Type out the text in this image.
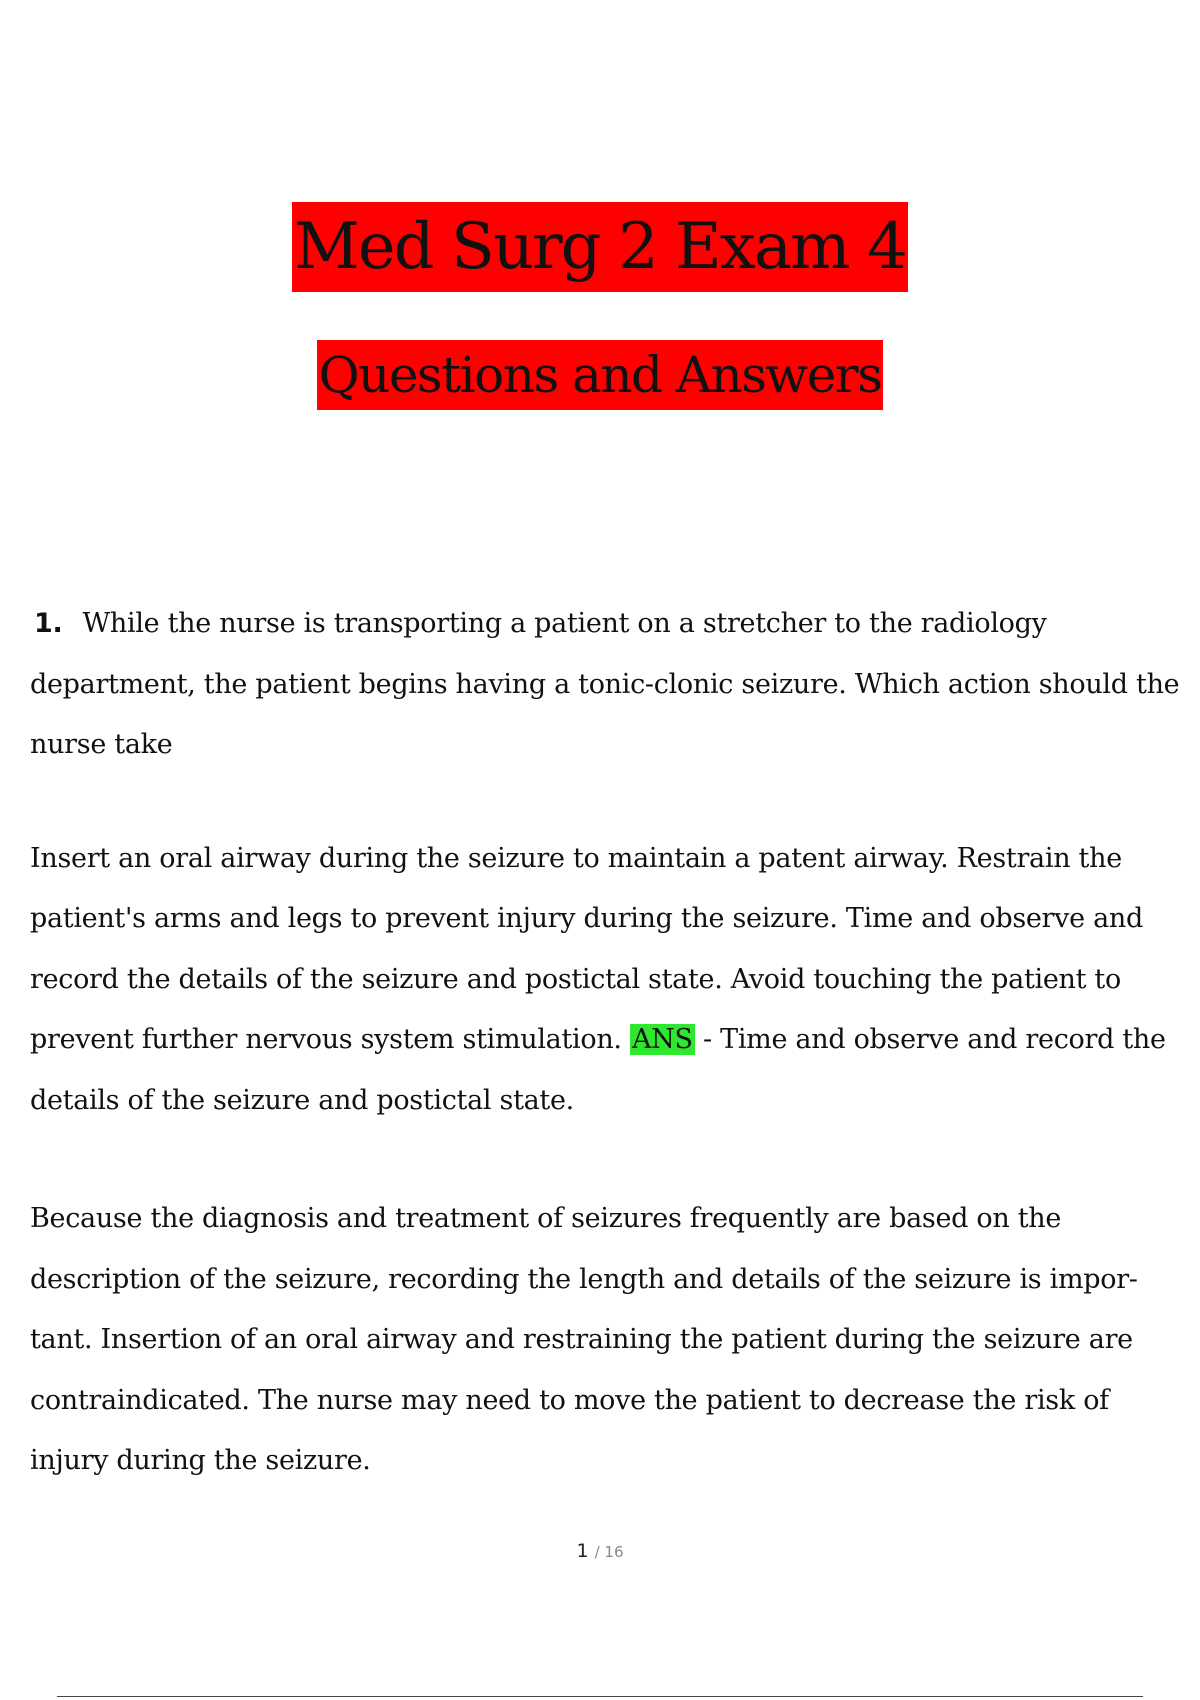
Med Surg 2 Exam 4
Questions and Answers

1. While the nurse is transporting a patient on a stretcher to the radiology department, the patient begins having a tonic-clonic seizure. Which action should the nurse take

Insert an oral airway during the seizure to maintain a patent airway. Restrain the patient's arms and legs to prevent injury during the seizure. Time and observe and record the details of the seizure and postictal state. Avoid touching the patient to prevent further nervous system stimulation. ANS - Time and observe and record the details of the seizure and postictal state.

Because the diagnosis and treatment of seizures frequently are based on the description of the seizure, recording the length and details of the seizure is impor- tant. Insertion of an oral airway and restraining the patient during the seizure are contraindicated. The nurse may need to move the patient to decrease the risk of injury during the seizure.

1 / 16
